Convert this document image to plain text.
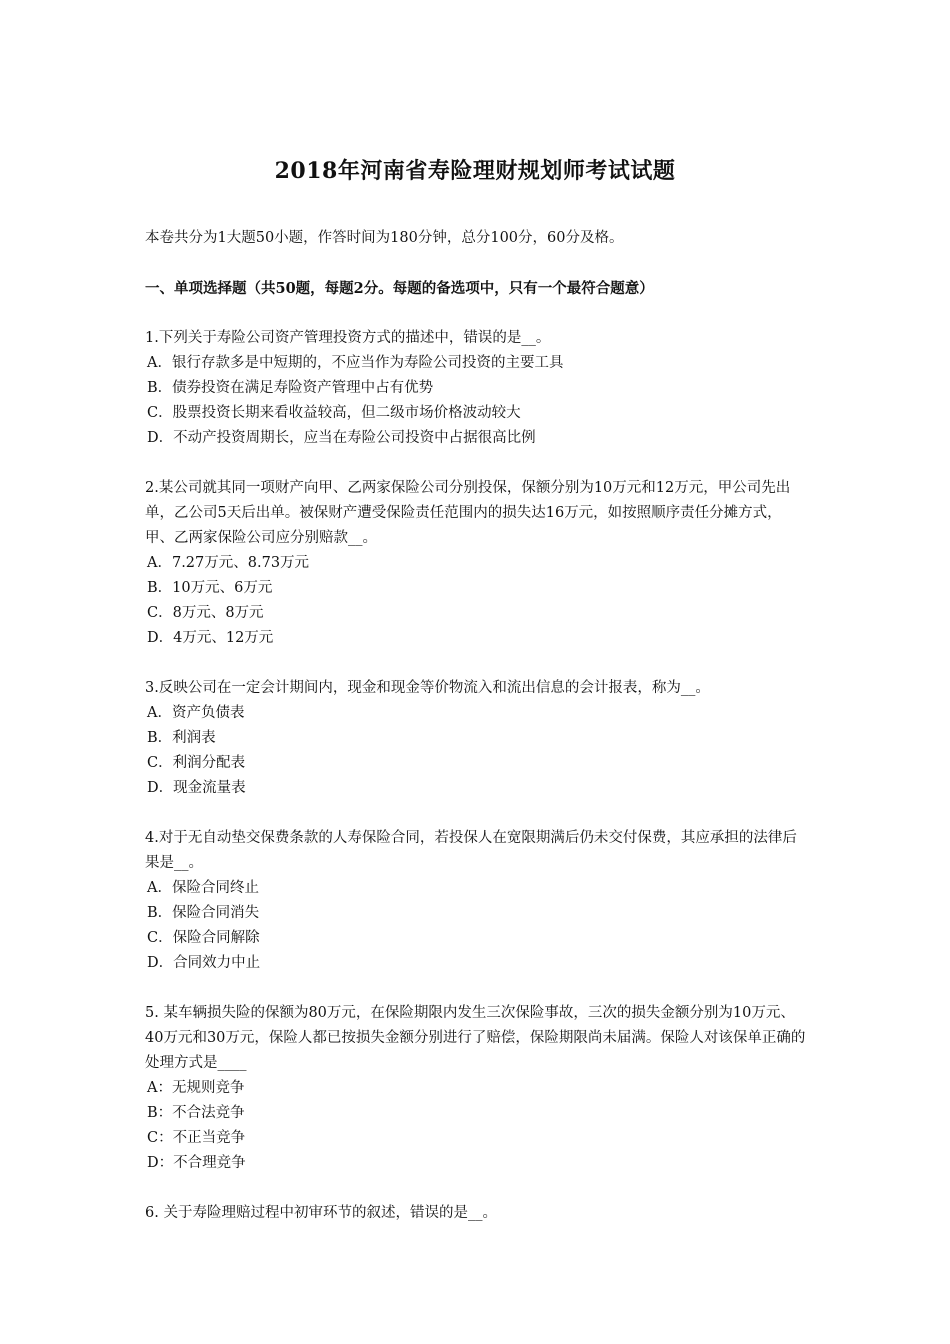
2018年河南省寿险理财规划师考试试题

本卷共分为1大题50小题，作答时间为180分钟，总分100分，60分及格。

一、单项选择题（共50题，每题2分。每题的备选项中，只有一个最符合题意）

1.下列关于寿险公司资产管理投资方式的描述中，错误的是__。

A．银行存款多是中短期的，不应当作为寿险公司投资的主要工具

B．债券投资在满足寿险资产管理中占有优势

C．股票投资长期来看收益较高，但二级市场价格波动较大

D．不动产投资周期长，应当在寿险公司投资中占据很高比例

2.某公司就其同一项财产向甲、乙两家保险公司分别投保，保额分别为10万元和12万元，甲公司先出单，乙公司5天后出单。被保财产遭受保险责任范围内的损失达16万元，如按照顺序责任分摊方式，甲、乙两家保险公司应分别赔款__。

A．7.27万元、8.73万元

B．10万元、6万元

C．8万元、8万元

D．4万元、12万元

3.反映公司在一定会计期间内，现金和现金等价物流入和流出信息的会计报表，称为__。

A．资产负债表

B．利润表

C．利润分配表

D．现金流量表

4.对于无自动垫交保费条款的人寿保险合同，若投保人在宽限期满后仍未交付保费，其应承担的法律后果是__。

A．保险合同终止

B．保险合同消失

C．保险合同解除

D．合同效力中止

5. 某车辆损失险的保额为80万元，在保险期限内发生三次保险事故，三次的损失金额分别为10万元、40万元和30万元，保险人都已按损失金额分别进行了赔偿，保险期限尚未届满。保险人对该保单正确的处理方式是____

A：无规则竞争

B：不合法竞争

C：不正当竞争

D：不合理竞争

6. 关于寿险理赔过程中初审环节的叙述，错误的是__。
